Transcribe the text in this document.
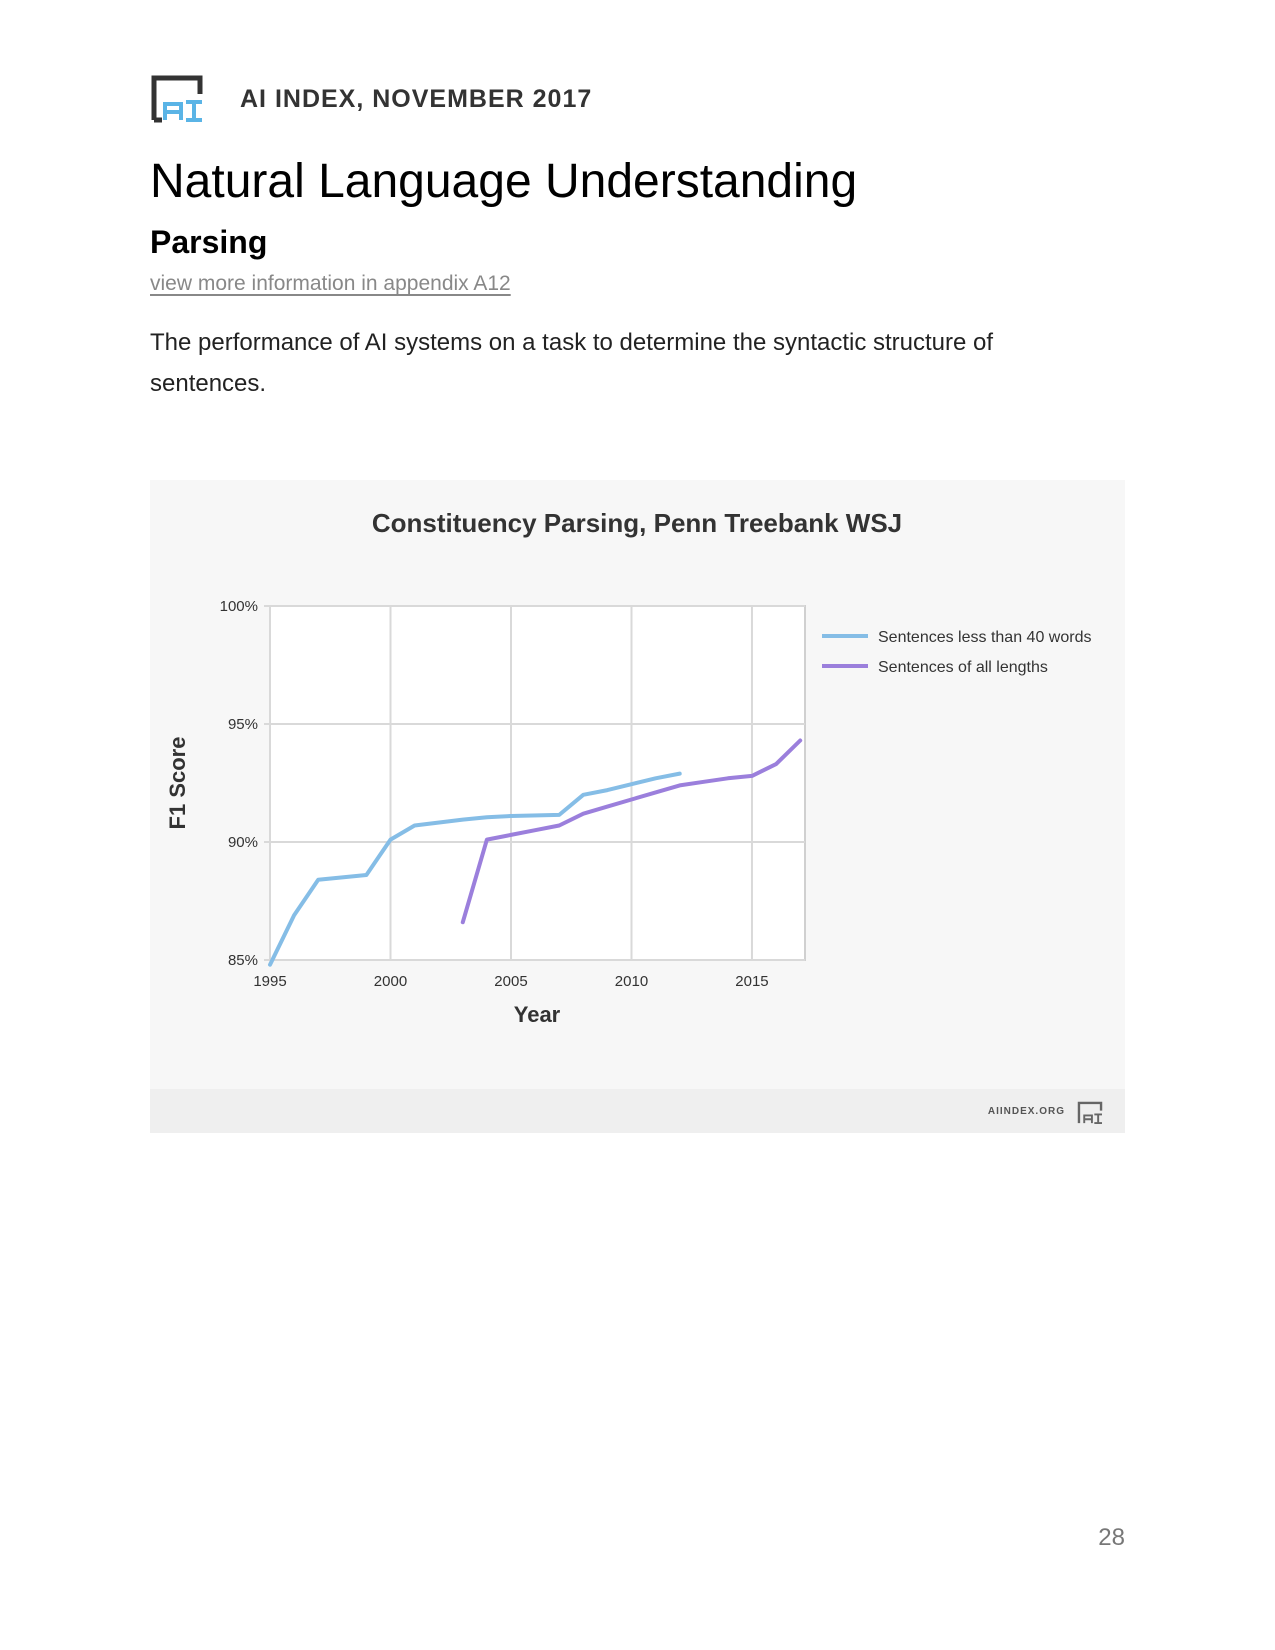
AI INDEX, NOVEMBER 2017
Natural Language Understanding
Parsing
view more information in appendix A12

The performance of AI systems on a task to determine the syntactic structure of sentences.

Constituency Parsing, Penn Treebank WSJ
85%
90%
95%
100%
1995	2000	2005	2010	2015
Year
F1 Score
Sentences less than 40 words
Sentences of all lengths
AIINDEX.ORG
28
